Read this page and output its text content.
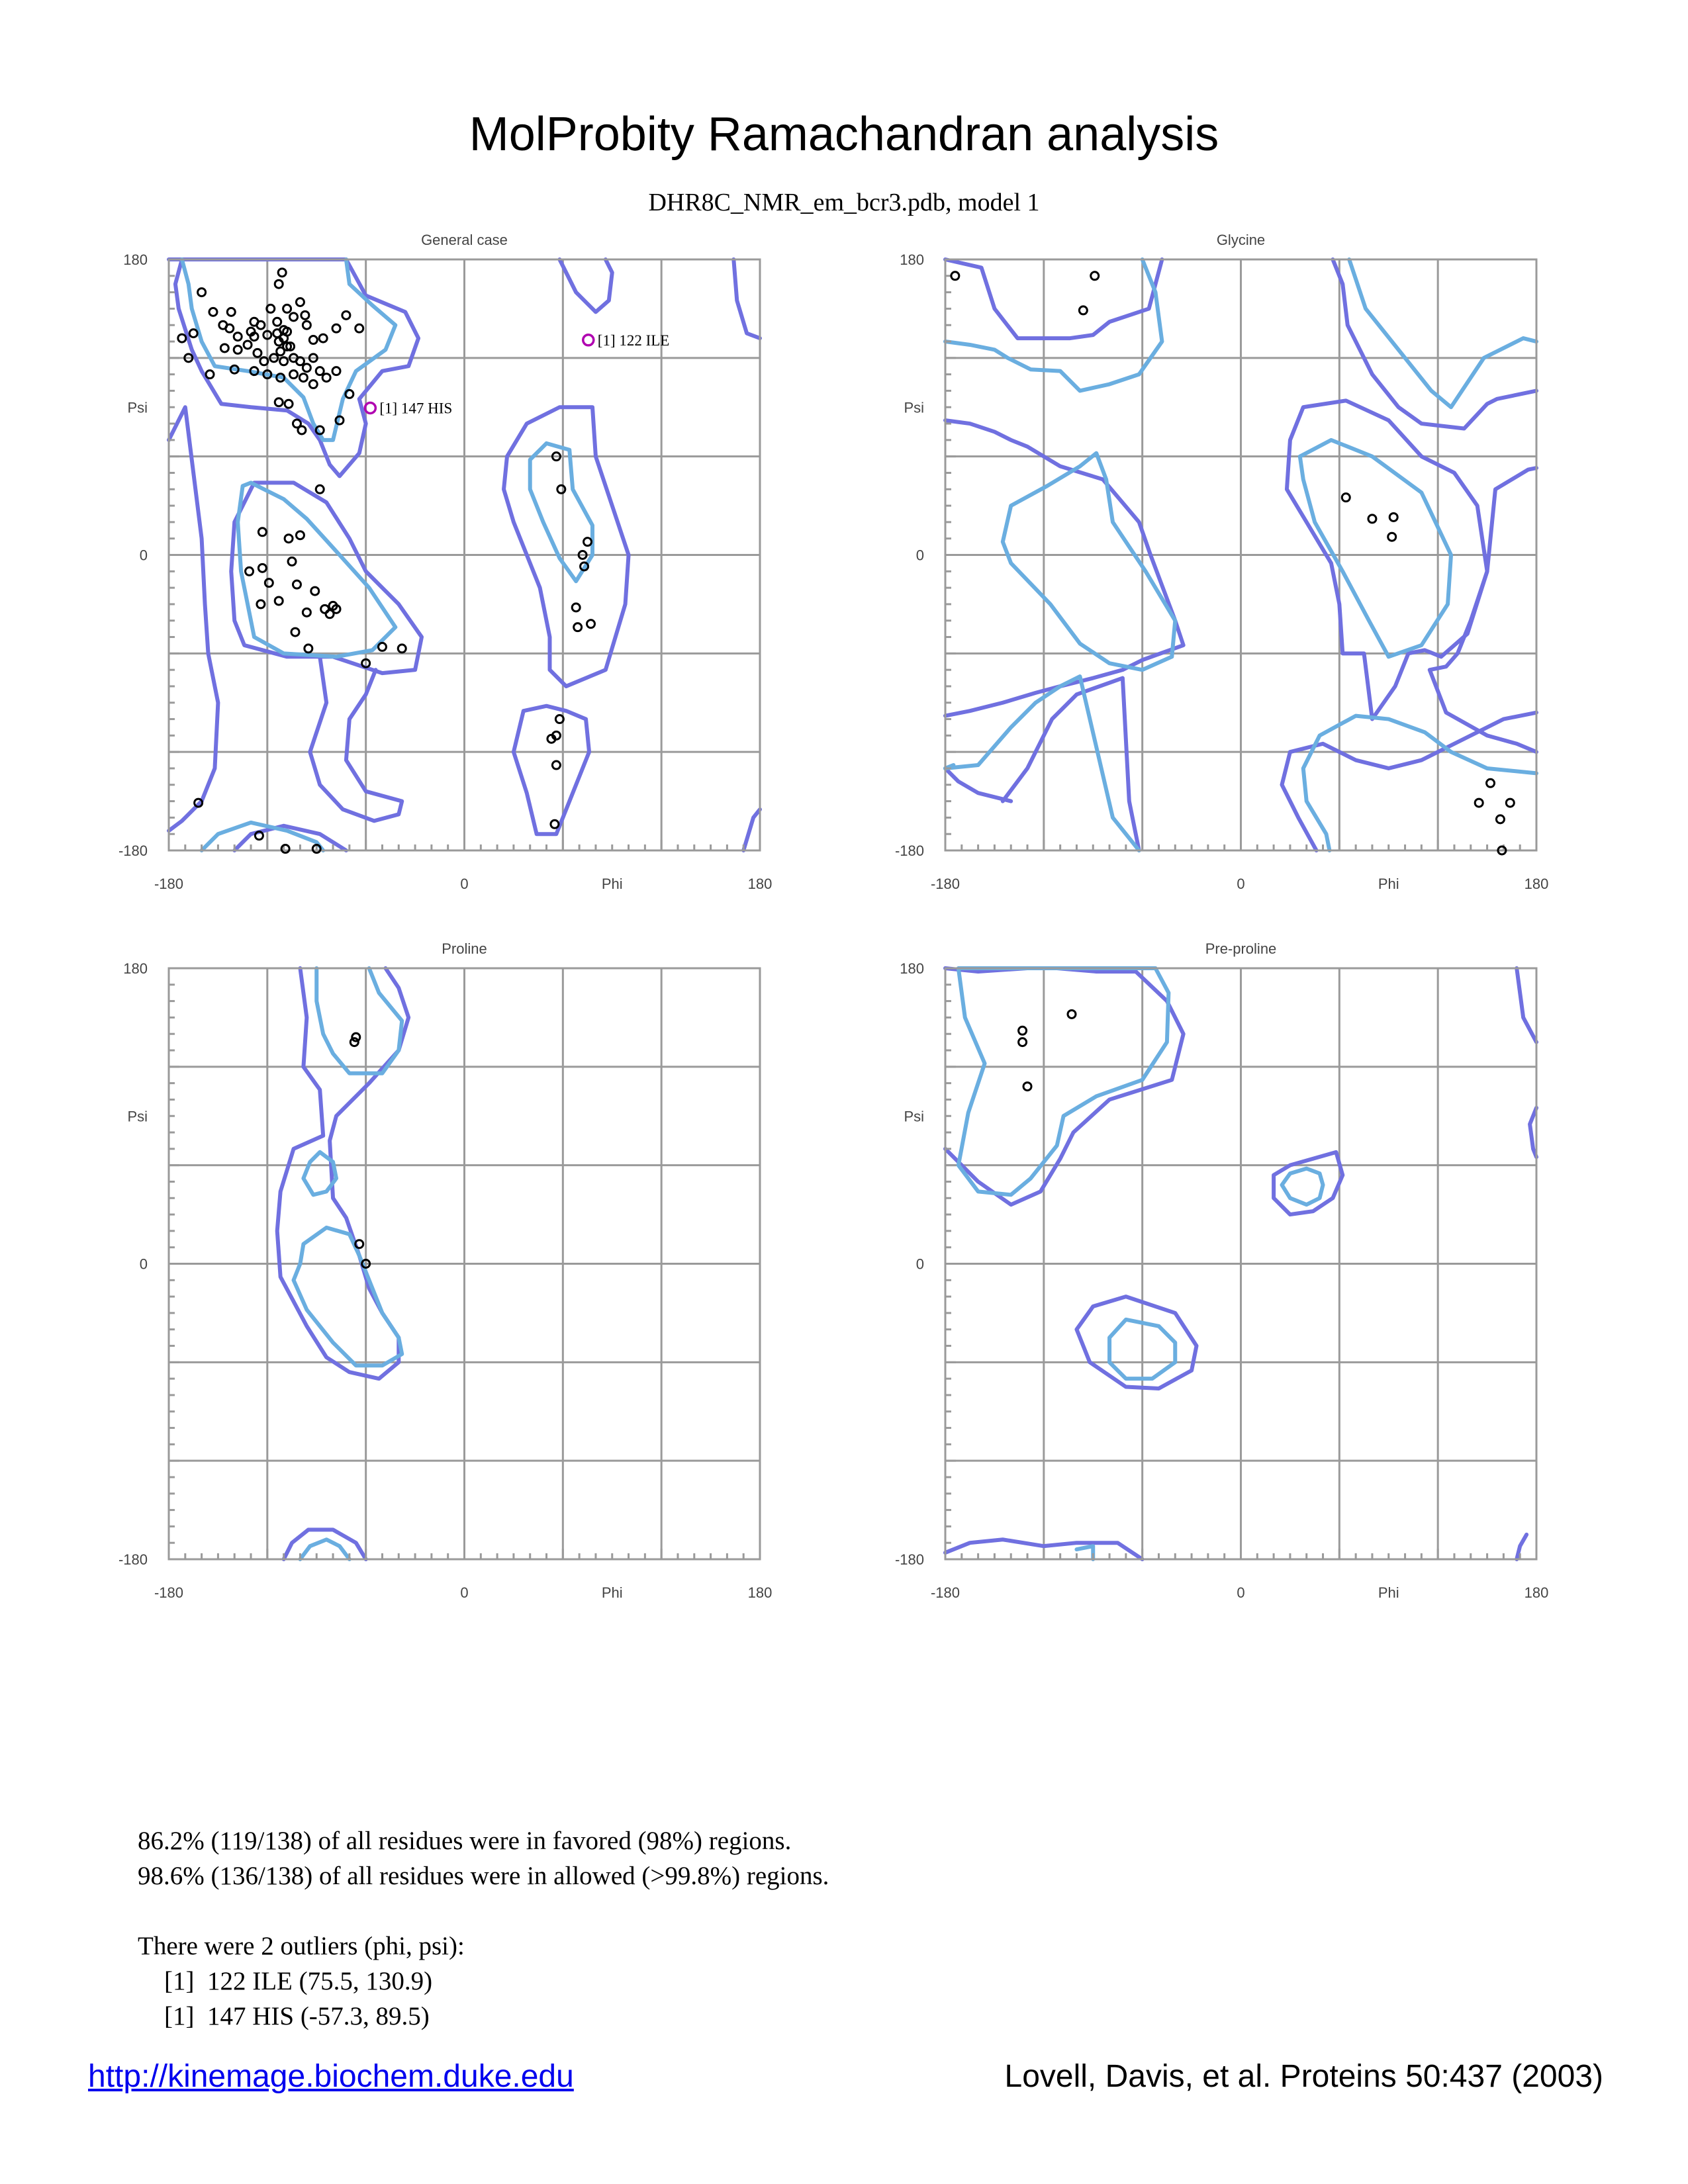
MolProbity Ramachandran analysis
DHR8C_NMR_em_bcr3.pdb, model 1
General case
-180	0	Phi	180
180
Psi
0
-180
[1] 122 ILE
[1] 147 HIS
Glycine
-180	0	Phi	180
180
Psi
0
-180
Proline
-180	0	Phi	180
180
Psi
0
-180
Pre-proline
-180	0	Phi	180
180
Psi
0
-180
86.2% (119/138) of all residues were in favored (98%) regions.
98.6% (136/138) of all residues were in allowed (>99.8%) regions.
There were 2 outliers (phi, psi):
[1]  122 ILE (75.5, 130.9)
[1]  147 HIS (-57.3, 89.5)
http://kinemage.biochem.duke.edu	Lovell, Davis, et al. Proteins 50:437 (2003)
